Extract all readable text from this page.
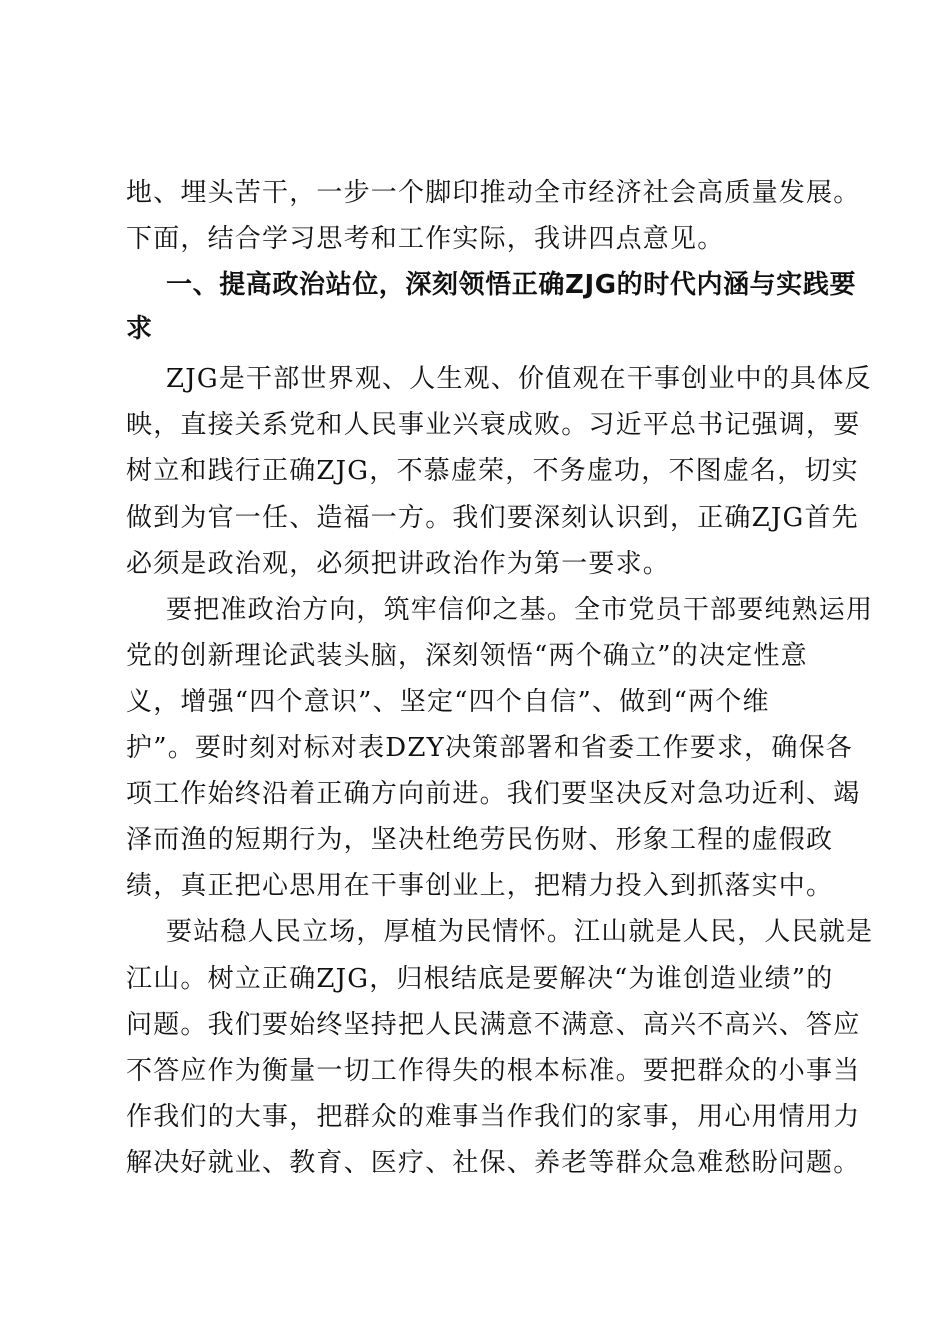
地、埋头苦干，一步一个脚印推动全市经济社会高质量发展。
下面，结合学习思考和工作实际，我讲四点意见。
一、提高政治站位，深刻领悟正确ZJG的时代内涵与实践要
求
ZJG是干部世界观、人生观、价值观在干事创业中的具体反
映，直接关系党和人民事业兴衰成败。习近平总书记强调，要
树立和践行正确ZJG，不慕虚荣，不务虚功，不图虚名，切实
做到为官一任、造福一方。我们要深刻认识到，正确ZJG首先
必须是政治观，必须把讲政治作为第一要求。
要把准政治方向，筑牢信仰之基。全市党员干部要纯熟运用
党的创新理论武装头脑，深刻领悟“两个确立”的决定性意
义，增强“四个意识”、坚定“四个自信”、做到“两个维
护”。要时刻对标对表DZY决策部署和省委工作要求，确保各
项工作始终沿着正确方向前进。我们要坚决反对急功近利、竭
泽而渔的短期行为，坚决杜绝劳民伤财、形象工程的虚假政
绩，真正把心思用在干事创业上，把精力投入到抓落实中。
要站稳人民立场，厚植为民情怀。江山就是人民，人民就是
江山。树立正确ZJG，归根结底是要解决“为谁创造业绩”的
问题。我们要始终坚持把人民满意不满意、高兴不高兴、答应
不答应作为衡量一切工作得失的根本标准。要把群众的小事当
作我们的大事，把群众的难事当作我们的家事，用心用情用力
解决好就业、教育、医疗、社保、养老等群众急难愁盼问题。
